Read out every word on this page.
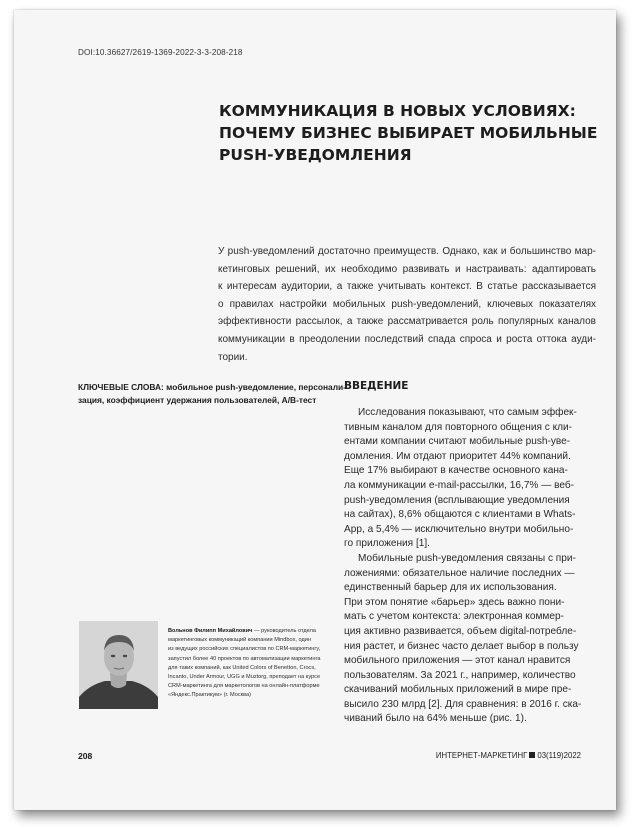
DOI:10.36627/2619-1369-2022-3-3-208-218
КОММУНИКАЦИЯ В НОВЫХ УСЛОВИЯХ:
ПОЧЕМУ БИЗНЕС ВЫБИРАЕТ МОБИЛЬНЫЕ
PUSH-УВЕДОМЛЕНИЯ
У push-уведомлений достаточно преимуществ. Однако, как и большинство мар-
кетинговых решений, их необходимо развивать и настраивать: адаптировать
к интересам аудитории, а также учитывать контекст. В статье рассказывается
о правилах настройки мобильных push-уведомлений, ключевых показателях
эффективности рассылок, а также рассматривается роль популярных каналов
коммуникации в преодолении последствий спада спроса и роста оттока ауди-
тории.
КЛЮЧЕВЫЕ СЛОВА: мобильное push-уведомление, персонали-
зация, коэффициент удержания пользователей, A/B-тест
ВВЕДЕНИЕ
Исследования показывают, что самым эффек-
тивным каналом для повторного общения с кли-
ентами компании считают мобильные push-уве-
домления. Им отдают приоритет 44% компаний.
Еще 17% выбирают в качестве основного кана-
ла коммуникации e-mail-рассылки, 16,7% — веб-
push-уведомления (всплывающие уведомления
на сайтах), 8,6% общаются с клиентами в Whats-
App, а 5,4% — исключительно внутри мобильно-
го приложения [1].
Мобильные push-уведомления связаны с при-
ложениями: обязательное наличие последних —
единственный барьер для их использования.
При этом понятие «барьер» здесь важно пони-
мать с учетом контекста: электронная коммер-
ция активно развивается, объем digital-потребле-
ния растет, и бизнес часто делает выбор в пользу
мобильного приложения — этот канал нравится
пользователям. За 2021 г., например, количество
скачиваний мобильных приложений в мире пре-
высило 230 млрд [2]. Для сравнения: в 2016 г. ска-
чиваний было на 64% меньше (рис. 1).
Вольнов Филипп Михайлович — руководитель отдела
маркетинговых коммуникаций компании Mindbox, один
из ведущих российских специалистов по CRM-маркетингу,
запустил более 40 проектов по автоматизации маркетинга
для таких компаний, как United Colors of Benetton, Crocs,
Incanto, Under Armour, UGG и Muztorg, преподает на курсе
CRM-маркетинга для маркетологов на онлайн-платформе
«Яндекс.Практикум» (г. Москва)
208	ИНТЕРНЕТ-МАРКЕТИНГ 03(119)2022
